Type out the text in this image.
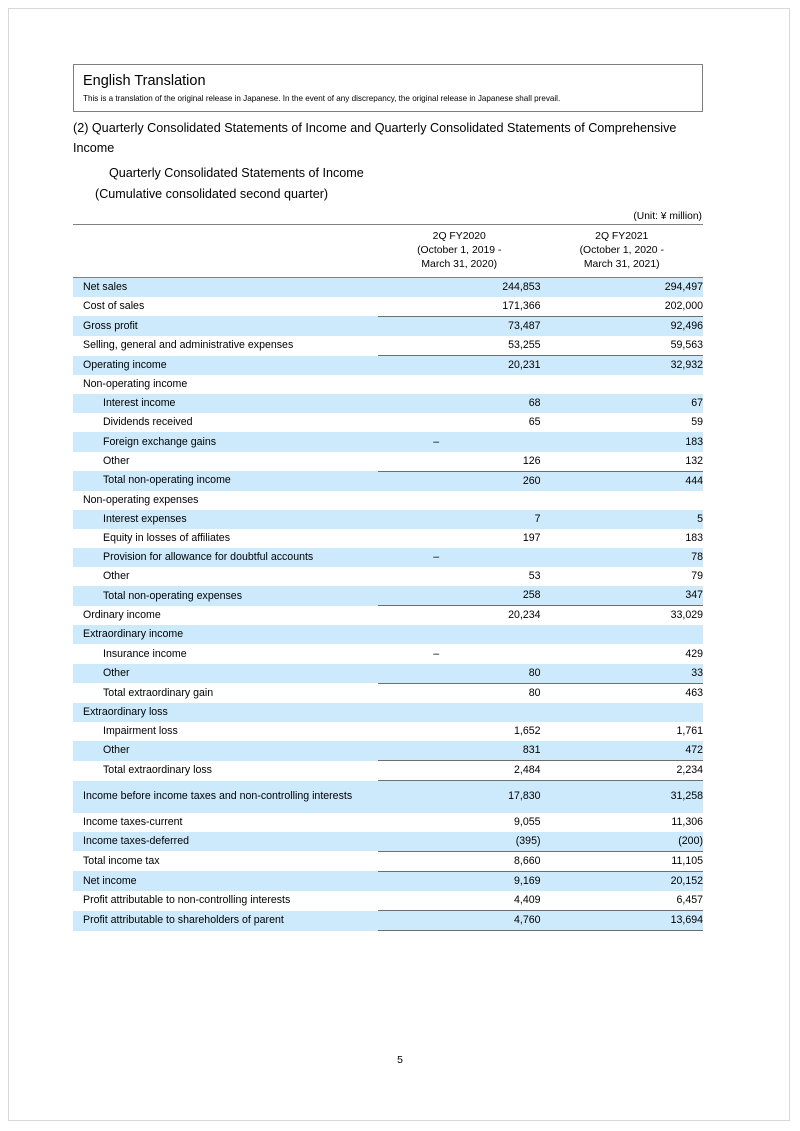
English Translation
This is a translation of the original release in Japanese. In the event of any discrepancy, the original release in Japanese shall prevail.
(2) Quarterly Consolidated Statements of Income and Quarterly Consolidated Statements of Comprehensive
Income
Quarterly Consolidated Statements of Income
(Cumulative consolidated second quarter)
(Unit: ¥ million)

2Q FY2020
(October 1, 2019 -
March 31, 2020)

2Q FY2021
(October 1, 2020 -
March 31, 2021)

Net sales	244,853	294,497
Cost of sales	171,366	202,000
Gross profit	73,487	92,496
Selling, general and administrative expenses	53,255	59,563
Operating income	20,231	32,932
Non-operating income		
Interest income	68	67
Dividends received	65	59
Foreign exchange gains	–	183
Other	126	132
Total non-operating income	260	444
Non-operating expenses		
Interest expenses	7	5
Equity in losses of affiliates	197	183
Provision for allowance for doubtful accounts	–	78
Other	53	79
Total non-operating expenses	258	347
Ordinary income	20,234	33,029
Extraordinary income		
Insurance income	–	429
Other	80	33
Total extraordinary gain	80	463
Extraordinary loss		
Impairment loss	1,652	1,761
Other	831	472
Total extraordinary loss	2,484	2,234
Income before income taxes and non-controlling interests	17,830	31,258
Income taxes-current	9,055	11,306
Income taxes-deferred	(395)	(200)
Total income tax	8,660	11,105
Net income	9,169	20,152
Profit attributable to non-controlling interests	4,409	6,457
Profit attributable to shareholders of parent	4,760	13,694
5
